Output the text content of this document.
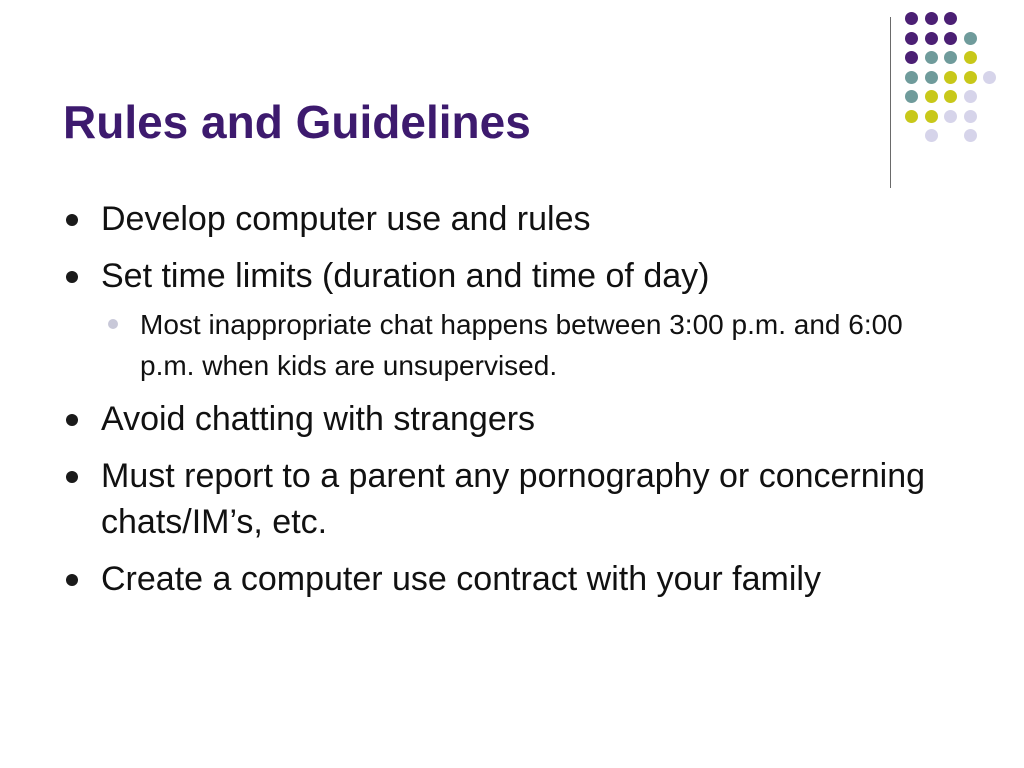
Rules and Guidelines
Develop computer use and rules
Set time limits (duration and time of day)
Most inappropriate chat happens between 3:00 p.m. and 6:00 p.m. when kids are unsupervised.
Avoid chatting with strangers
Must report to a parent any pornography or concerning chats/IM’s, etc.
Create a computer use contract with your family
